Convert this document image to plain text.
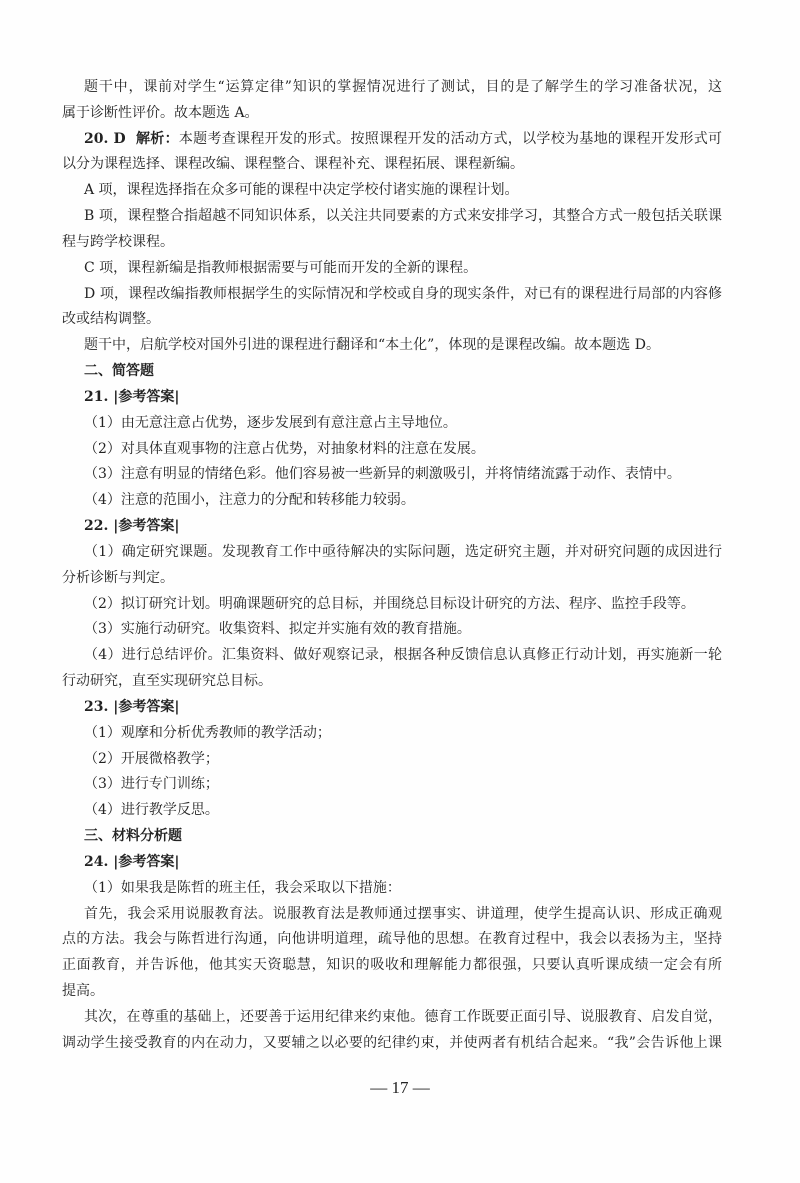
题干中，课前对学生“运算定律”知识的掌握情况进行了测试，目的是了解学生的学习准备状况，这
属于诊断性评价。故本题选 A。
20. D 解析：本题考查课程开发的形式。按照课程开发的活动方式，以学校为基地的课程开发形式可
以分为课程选择、课程改编、课程整合、课程补充、课程拓展、课程新编。
A 项，课程选择指在众多可能的课程中决定学校付诸实施的课程计划。
B 项，课程整合指超越不同知识体系，以关注共同要素的方式来安排学习，其整合方式一般包括关联课
程与跨学校课程。
C 项，课程新编是指教师根据需要与可能而开发的全新的课程。
D 项，课程改编指教师根据学生的实际情况和学校或自身的现实条件，对已有的课程进行局部的内容修
改或结构调整。
题干中，启航学校对国外引进的课程进行翻译和“本土化”，体现的是课程改编。故本题选 D。
二、简答题
21. |参考答案|
（1）由无意注意占优势，逐步发展到有意注意占主导地位。
（2）对具体直观事物的注意占优势，对抽象材料的注意在发展。
（3）注意有明显的情绪色彩。他们容易被一些新异的刺激吸引，并将情绪流露于动作、表情中。
（4）注意的范围小，注意力的分配和转移能力较弱。
22. |参考答案|
（1）确定研究课题。发现教育工作中亟待解决的实际问题，选定研究主题，并对研究问题的成因进行
分析诊断与判定。
（2）拟订研究计划。明确课题研究的总目标，并围绕总目标设计研究的方法、程序、监控手段等。
（3）实施行动研究。收集资料、拟定并实施有效的教育措施。
（4）进行总结评价。汇集资料、做好观察记录，根据各种反馈信息认真修正行动计划，再实施新一轮
行动研究，直至实现研究总目标。
23. |参考答案|
（1）观摩和分析优秀教师的教学活动；
（2）开展微格教学；
（3）进行专门训练；
（4）进行教学反思。
三、材料分析题
24. |参考答案|
（1）如果我是陈哲的班主任，我会采取以下措施：
首先，我会采用说服教育法。说服教育法是教师通过摆事实、讲道理，使学生提高认识、形成正确观
点的方法。我会与陈哲进行沟通，向他讲明道理，疏导他的思想。在教育过程中，我会以表扬为主，坚持
正面教育，并告诉他，他其实天资聪慧，知识的吸收和理解能力都很强，只要认真听课成绩一定会有所
提高。
其次，在尊重的基础上，还要善于运用纪律来约束他。德育工作既要正面引导、说服教育、启发自觉，
调动学生接受教育的内在动力，又要辅之以必要的纪律约束，并使两者有机结合起来。“我”会告诉他上课
— 17 —
